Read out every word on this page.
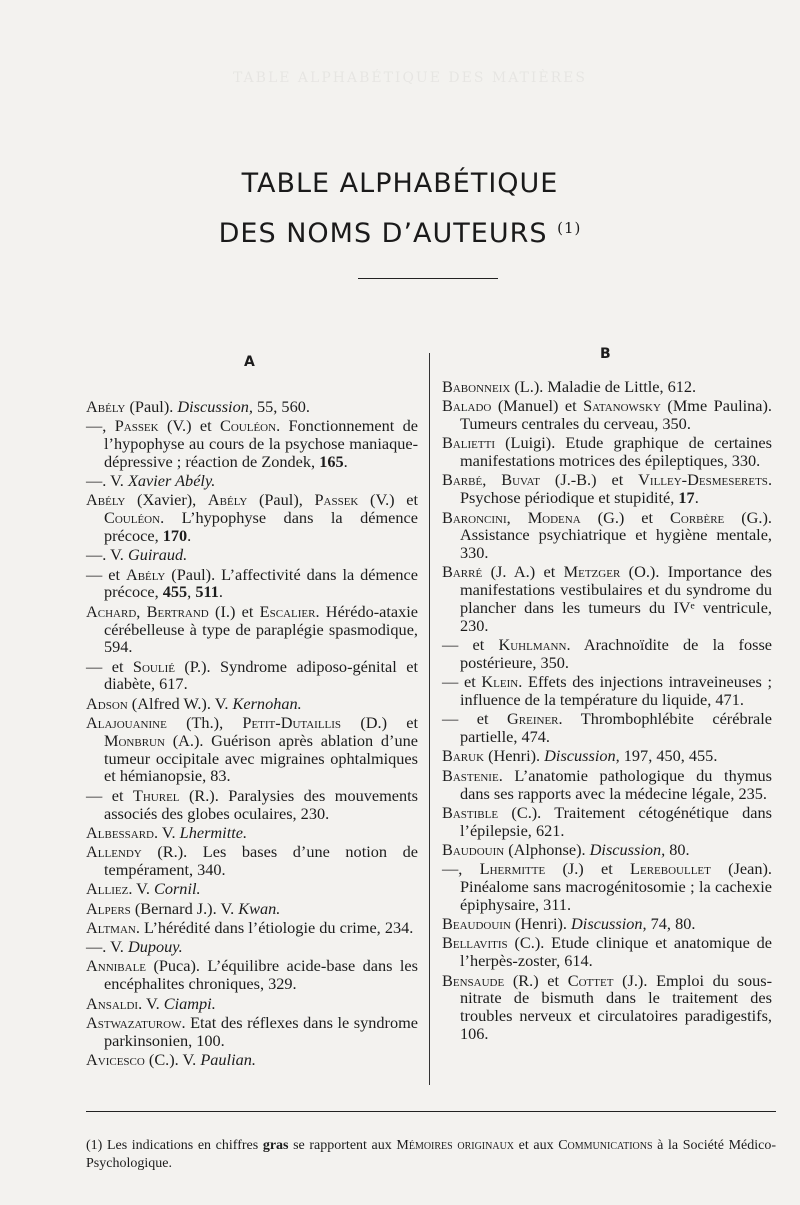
TABLE ALPHABÉTIQUE DES MATIÈRES
TABLE ALPHABÉTIQUE
DES NOMS D’AUTEURS $^{(1)}$
A	B
Abély (Paul). Discussion, 55, 560.
—, Passek (V.) et Couléon. Fonctionnement de l’hypophyse au cours de la psychose maniaque-dépressive ; réaction de Zondek, 165.
—. V. Xavier Abély.
Abély (Xavier), Abély (Paul), Passek (V.) et Couléon. L’hypophyse dans la démence précoce, 170.
—. V. Guiraud.
— et Abély (Paul). L’affectivité dans la démence précoce, 455, 511.
Achard, Bertrand (I.) et Escalier. Hérédo-ataxie cérébelleuse à type de paraplégie spasmodique, 594.
— et Soulié (P.). Syndrome adiposo-génital et diabète, 617.
Adson (Alfred W.). V. Kernohan.
Alajouanine (Th.), Petit-Dutaillis (D.) et Monbrun (A.). Guérison après ablation d’une tumeur occipitale avec migraines ophtalmiques et hémianopsie, 83.
— et Thurel (R.). Paralysies des mouvements associés des globes oculaires, 230.
Albessard. V. Lhermitte.
Allendy (R.). Les bases d’une notion de tempérament, 340.
Alliez. V. Cornil.
Alpers (Bernard J.). V. Kwan.
Altman. L’hérédité dans l’étiologie du crime, 234.
—. V. Dupouy.
Annibale (Puca). L’équilibre acide-base dans les encéphalites chroniques, 329.
Ansaldi. V. Ciampi.
Astwazaturow. Etat des réflexes dans le syndrome parkinsonien, 100.
Avicesco (C.). V. Paulian.
Babonneix (L.). Maladie de Little, 612.
Balado (Manuel) et Satanowsky (Mme Paulina). Tumeurs centrales du cerveau, 350.
Balietti (Luigi). Etude graphique de certaines manifestations motrices des épileptiques, 330.
Barbé, Buvat (J.-B.) et Villey-Desmeserets. Psychose périodique et stupidité, 17.
Baroncini, Modena (G.) et Corbère (G.). Assistance psychiatrique et hygiène mentale, 330.
Barré (J. A.) et Metzger (O.). Importance des manifestations vestibulaires et du syndrome du plancher dans les tumeurs du IVᵉ ventricule, 230.
— et Kuhlmann. Arachnoïdite de la fosse postérieure, 350.
— et Klein. Effets des injections intraveineuses ; influence de la température du liquide, 471.
— et Greiner. Thrombophlébite cérébrale partielle, 474.
Baruk (Henri). Discussion, 197, 450, 455.
Bastenie. L’anatomie pathologique du thymus dans ses rapports avec la médecine légale, 235.
Bastible (C.). Traitement cétogénétique dans l’épilepsie, 621.
Baudouin (Alphonse). Discussion, 80.
—, Lhermitte (J.) et Lereboullet (Jean). Pinéalome sans macrogénitosomie ; la cachexie épiphysaire, 311.
Beaudouin (Henri). Discussion, 74, 80.
Bellavitis (C.). Etude clinique et anatomique de l’herpès-zoster, 614.
Bensaude (R.) et Cottet (J.). Emploi du sous-nitrate de bismuth dans le traitement des troubles nerveux et circulatoires paradigestifs, 106.
(1) Les indications en chiffres gras se rapportent aux Mémoires originaux et aux Communications à la Société Médico-Psychologique.
